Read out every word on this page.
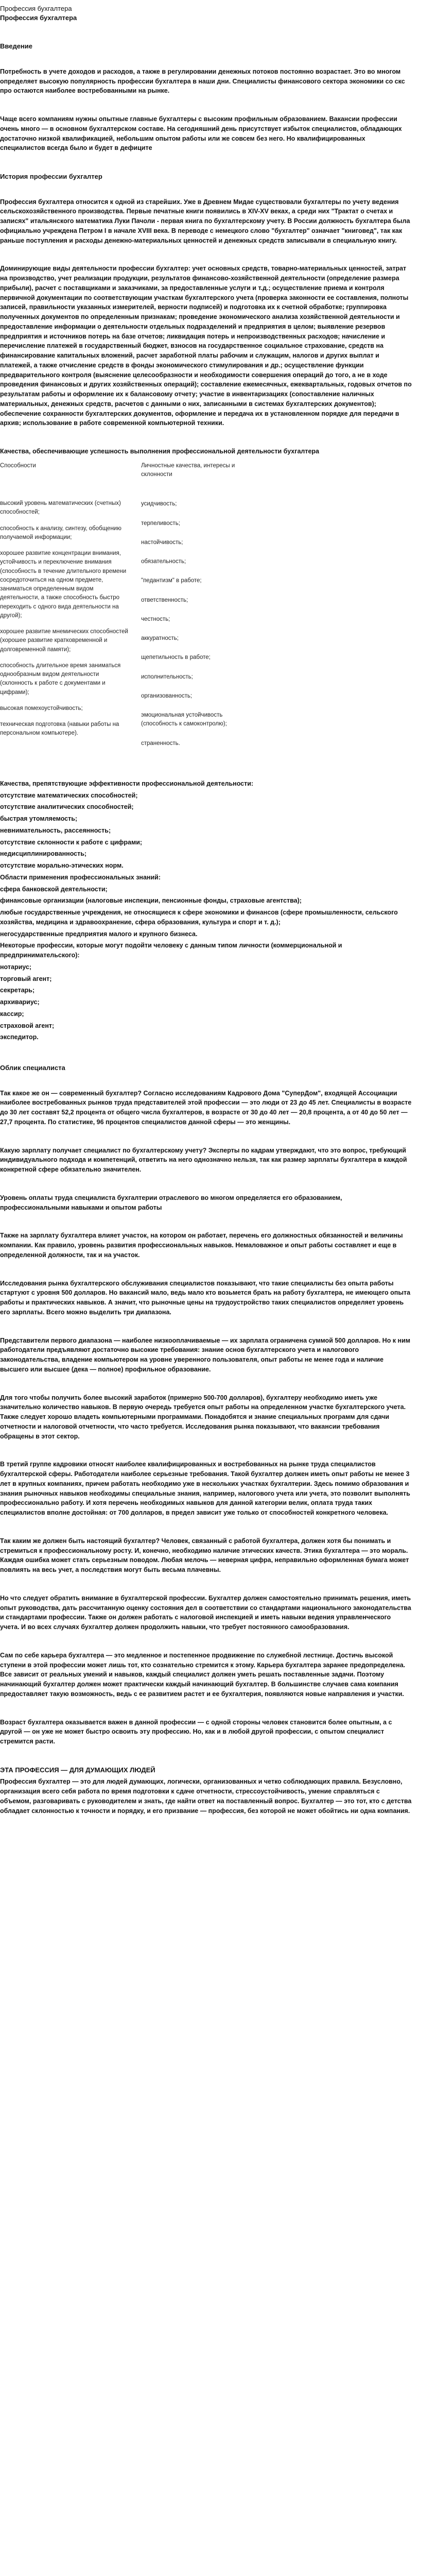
Профессия бухгалтера
Профессия бухгалтера
Введение

Потребность в учете доходов и расходов, а также в регулировании денежных потоков постоянно возрастает. Это во многом определяет высокую популярность профессии бухгалтера в наши дни. Специалисты финансового сектора экономики со скс про остаются наиболее востребованными на рынке.

Чаще всего компаниям нужны опытные главные бухгалтеры с высоким профильным образованием. Вакансии профессии очень много — в основном бухгалтерском составе. На сегодняшний день присутствует избыток специалистов, обладающих достаточно низкой квалификацией, небольшим опытом работы или же совсем без него. Но квалифицированных специалистов всегда было и будет в дефиците

История профессии бухгалтер

Профессия бухгалтера относится к одной из старейших. Уже в Древнем Мидае существовали бухгалтеры по учету ведения сельскохозяйственного производства. Первые печатные книги появились в XIV-XV веках, а среди них "Трактат о счетах и записях" итальянского математика Луки Пачоли - первая книга по бухгалтерскому учету. В России должность бухгалтера была официально учреждена Петром I в начале XVIII века. В переводе с немецкого слово "бухгалтер" означает "книговед", так как раньше поступления и расходы денежно-материальных ценностей и денежных средств записывали в специальную книгу.

Доминирующие виды деятельности профессии бухгалтер: учет основных средств, товарно-материальных ценностей, затрат на производство, учет реализации продукции, результатов финансово-хозяйственной деятельности (определение размера прибыли), расчет с поставщиками и заказчиками, за предоставленные услуги и т.д.; осуществление приема и контроля первичной документации по соответствующим участкам бухгалтерского учета (проверка законности ее составления, полноты записей, правильности указанных измерителей, верности подписей) и подготовка их к счетной обработке; группировка полученных документов по определенным признакам; проведение экономического анализа хозяйственной деятельности и предоставление информации о деятельности отдельных подразделений и предприятия в целом; выявление резервов предприятия и источников потерь на базе отчетов; ликвидация потерь и непроизводственных расходов; начисление и перечисление платежей в государственный бюджет, взносов на государственное социальное страхование, средств на финансирование капитальных вложений, расчет заработной платы рабочим и служащим, налогов и других выплат и платежей, а также отчисление средств в фонды экономического стимулирования и др.; осуществление функции предварительного контроля (выяснение целесообразности и необходимости совершения операций до того, а не в ходе проведения финансовых и других хозяйственных операций); составление ежемесячных, ежеквартальных, годовых отчетов по результатам работы и оформление их к балансовому отчету; участие в инвентаризациях (сопоставление наличных материальных, денежных средств, расчетов с данными о них, записанными в системах бухгалтерских документов); обеспечение сохранности бухгалтерских документов, оформление и передача их в установленном порядке для передачи в архив; использование в работе современной компьютерной техники.

Качества, обеспечивающие успешность выполнения профессиональной деятельности бухгалтера

Способности
высокий уровень математических (счетных) способностей;
способность к анализу, синтезу, обобщению получаемой информации;
хорошее развитие концентрации внимания, устойчивость и переключение внимания (способность в течение длительного времени сосредоточиться на одном предмете, заниматься определенным видом деятельности, а также способность быстро переходить с одного вида деятельности на другой);
хорошее развитие мнемических способностей (хорошее развитие кратковременной и долговременной памяти);
способность длительное время заниматься однообразным видом деятельности (склонность к работе с документами и цифрами);
высокая помехоустойчивость;
техническая подготовка (навыки работы на персональном компьютере).
Личностные качества, интересы и склонности
усидчивость;
терпеливость;
настойчивость;
обязательность;
"педантизм" в работе;
ответственность;
честность;
аккуратность;
щепетильность в работе;
исполнительность;
организованность;
эмоциональная устойчивость (способность к самоконтролю);
страненность.

Качества, препятствующие эффективности профессиональной деятельности:

отсутствие математических способностей;

отсутствие аналитических способностей;

быстрая утомляемость;

невнимательность, рассеянность;

отсутствие склонности к работе с цифрами;

недисциплинированность;

отсутствие морально-этических норм.

Области применения профессиональных знаний:

сфера банковской деятельности;

финансовые организации (налоговые инспекции, пенсионные фонды, страховые агентства);

любые государственные учреждения, не относящиеся к сфере экономики и финансов (сфере промышленности, сельского хозяйства, медицина и здравоохранение, сфера образования, культура и спорт и т. д.);

негосударственные предприятия малого и крупного бизнеса.

Некоторые профессии, которые могут подойти человеку с данным типом личности (коммерциональной и предпринимательского):

нотариус;

торговый агент;

секретарь;

архивариус;

кассир;

страховой агент;

экспедитор.

Облик специалиста

Так какое же он — современный бухгалтер? Согласно исследованиям Кадрового Дома "СуперДом", входящей Ассоциации наиболее востребованных рынков труда представителей этой профессии — это люди от 23 до 45 лет. Специалисты в возрасте до 30 лет составят 52,2 процента от общего числа бухгалтеров, в возрасте от 30 до 40 лет — 20,8 процента, а от 40 до 50 лет — 27,7 процента. По статистике, 96 процентов специалистов данной сферы — это женщины.

Какую зарплату получает специалист по бухгалтерскому учету? Эксперты по кадрам утверждают, что это вопрос, требующий индивидуального подхода и компетенций, ответить на него однозначно нельзя, так как размер зарплаты бухгалтера в каждой конкретной сфере обязательно значителен.

Уровень оплаты труда специалиста бухгалтерии отраслевого во многом определяется его образованием, профессиональными навыками и опытом работы

Также на зарплату бухгалтера влияет участок, на котором он работает, перечень его должностных обязанностей и величины компании. Как правило, уровень развития профессиональных навыков. Немаловажное и опыт работы составляет и еще в определенной должности, так и на участок.

Исследования рынка бухгалтерского обслуживания специалистов показывают, что такие специалисты без опыта работы стартуют с уровня 500 долларов. Но вакансий мало, ведь мало кто возьмется брать на работу бухгалтера, не имеющего опыта работы и практических навыков. А значит, что рыночные цены на трудоустройство таких специалистов определяет уровень его зарплаты. Всего можно выделить три диапазона.

Представители первого диапазона — наиболее низкооплачиваемые — их зарплата ограничена суммой 500 долларов. Но к ним работодатели предъявляют достаточно высокие требования: знание основ бухгалтерского учета и налогового законодательства, владение компьютером на уровне уверенного пользователя, опыт работы не менее года и наличие высшего или высшее (дека — полное) профильное образование.

Для того чтобы получить более высокий заработок (примерно 500-700 долларов), бухгалтеру необходимо иметь уже значительно количество навыков. В первую очередь требуется опыт работы на определенном участке бухгалтерского учета. Также следует хорошо владеть компьютерными программами. Понадобятся и знание специальных программ для сдачи отчетности и налоговой отчетности, что часто требуется. Исследования рынка показывают, что вакансии требования обращены в этот сектор.

В третий группе кадровики относят наиболее квалифицированных и востребованных на рынке труда специалистов бухгалтерской сферы. Работодатели наиболее серьезные требования. Такой бухгалтер должен иметь опыт работы не менее 3 лет в крупных компаниях, причем работать необходимо уже в нескольких участках бухгалтерии. Здесь помимо образования и знания рыночных навыков необходимы специальные знания, например, налогового учета или учета, это позволит выполнять профессионально работу. И хотя перечень необходимых навыков для данной категории велик, оплата труда таких специалистов вполне достойная: от 700 долларов, в предел зависит уже только от способностей конкретного человека.

Так каким же должен быть настоящий бухгалтер? Человек, связанный с работой бухгалтера, должен хотя бы понимать и стремиться к профессиональному росту. И, конечно, необходимо наличие этических качеств. Этика бухгалтера — это мораль. Каждая ошибка может стать серьезным поводом. Любая мелочь — неверная цифра, неправильно оформленная бумага может повлиять на весь учет, а последствия могут быть весьма плачевны.

Но что следует обратить внимание в бухгалтерской профессии. Бухгалтер должен самостоятельно принимать решения, иметь опыт руководства, дать рассчитанную оценку состояния дел в соответствии со стандартами национального законодательства и стандартами профессии. Также он должен работать с налоговой инспекцией и иметь навыки ведения управленческого учета. И во всех случаях бухгалтер должен продолжить навыки, что требует постоянного самообразования.

Сам по себе карьера бухгалтера — это медленное и постепенное продвижение по служебной лестнице. Достичь высокой ступени в этой профессии может лишь тот, кто сознательно стремится к этому. Карьера бухгалтера заранее предопределена. Все зависит от реальных умений и навыков, каждый специалист должен уметь решать поставленные задачи. Поэтому начинающий бухгалтер должен может практически каждый начинающий бухгалтер. В большинстве случаев сама компания предоставляет такую возможность, ведь с ее развитием растет и ее бухгалтерия, появляются новые направления и участки.

Возраст бухгалтера оказывается важен в данной профессии — с одной стороны человек становится более опытным, а с другой — он уже не может быстро освоить эту профессию. Но, как и в любой другой профессии, с опытом специалист стремится расти.

ЭТА ПРОФЕССИЯ — ДЛЯ ДУМАЮЩИХ ЛЮДЕЙ

Профессия бухгалтер — это для людей думающих, логически, организованных и четко соблюдающих правила. Безусловно, организация всего себя работа по время подготовки к сдаче отчетности, стрессоустойчивость, умение справляться с объемом, разговаривать с руководителем и знать, где найти ответ на поставленный вопрос. Бухгалтер — это тот, кто с детства обладает склонностью к точности и порядку, и его призвание — профессия, без которой не может обойтись ни одна компания.
